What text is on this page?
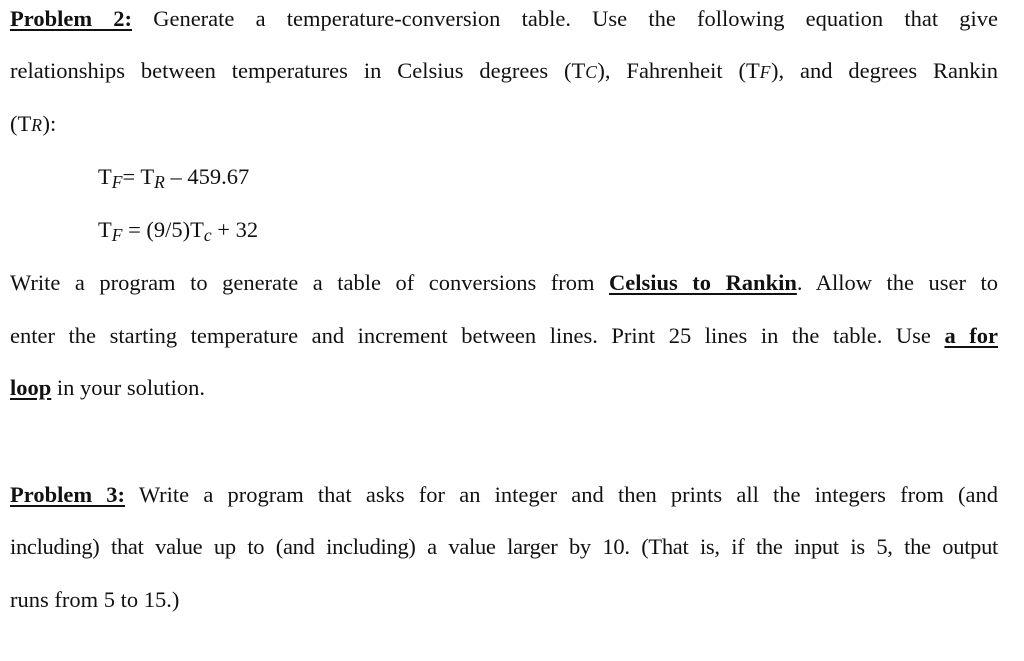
Problem 2: Generate a temperature-conversion table. Use the following equation that give
relationships between temperatures in Celsius degrees (TC), Fahrenheit (TF), and degrees Rankin
(TR):
TF= TR – 459.67
TF = (9/5)Tc + 32
Write a program to generate a table of conversions from Celsius to Rankin. Allow the user to
enter the starting temperature and increment between lines. Print 25 lines in the table. Use a for
loop in your solution.
Problem 3: Write a program that asks for an integer and then prints all the integers from (and
including) that value up to (and including) a value larger by 10. (That is, if the input is 5, the output
runs from 5 to 15.)
